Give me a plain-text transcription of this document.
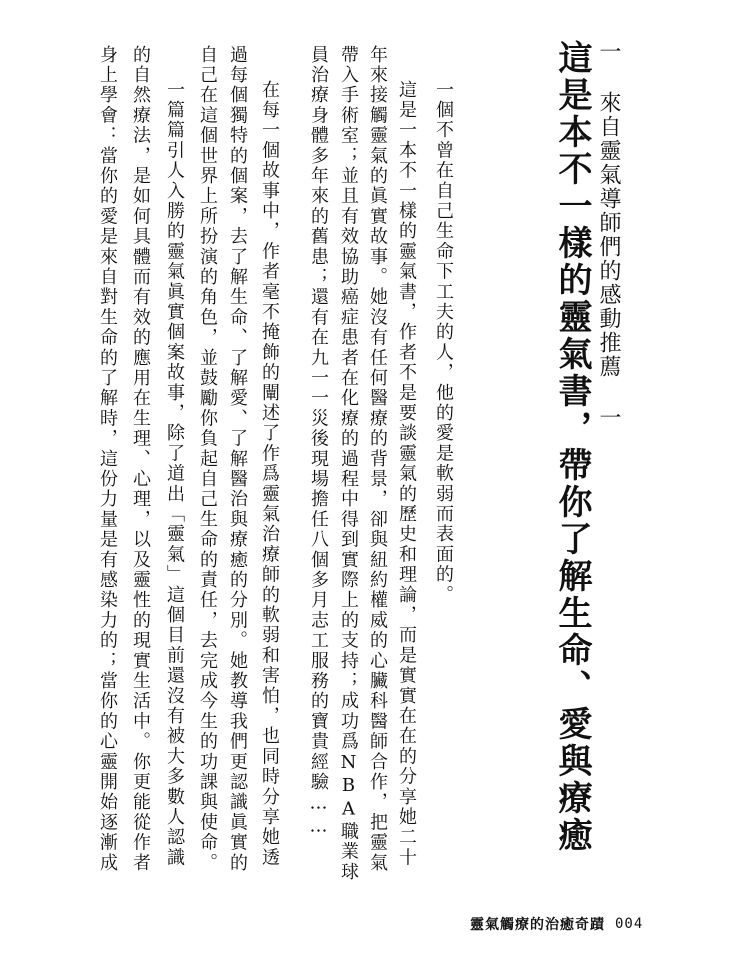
一 來自靈氣導師們的感動推薦 一
這是本不一樣的靈氣書，帶你了解生命、愛與療癒
一個不曾在自己生命下工夫的人，他的愛是軟弱而表面的。
這是一本不一樣的靈氣書，作者不是要談靈氣的歷史和理論，而是實實在在的分享她二十
年來接觸靈氣的眞實故事。她沒有任何醫療的背景，卻與紐約權威的心臟科醫師合作，把靈氣
帶入手術室；並且有效協助癌症患者在化療的過程中得到實際上的支持；成功爲NBA職業球
員治療身體多年來的舊患；還有在九一一災後現場擔任八個多月志工服務的寶貴經驗……
在每一個故事中，作者毫不掩飾的闡述了作爲靈氣治療師的軟弱和害怕，也同時分享她透
過每個獨特的個案，去了解生命、了解愛、了解醫治與療癒的分別。她教導我們更認識眞實的
自己在這個世界上所扮演的角色，並鼓勵你負起自己生命的責任，去完成今生的功課與使命。
一篇篇引人入勝的靈氣眞實個案故事，除了道出「靈氣」這個目前還沒有被大多數人認識
的自然療法，是如何具體而有效的應用在生理、心理，以及靈性的現實生活中。你更能從作者
身上學會：當你的愛是來自對生命的了解時，這份力量是有感染力的；當你的心靈開始逐漸成
靈氣觸療的治癒奇蹟 004
